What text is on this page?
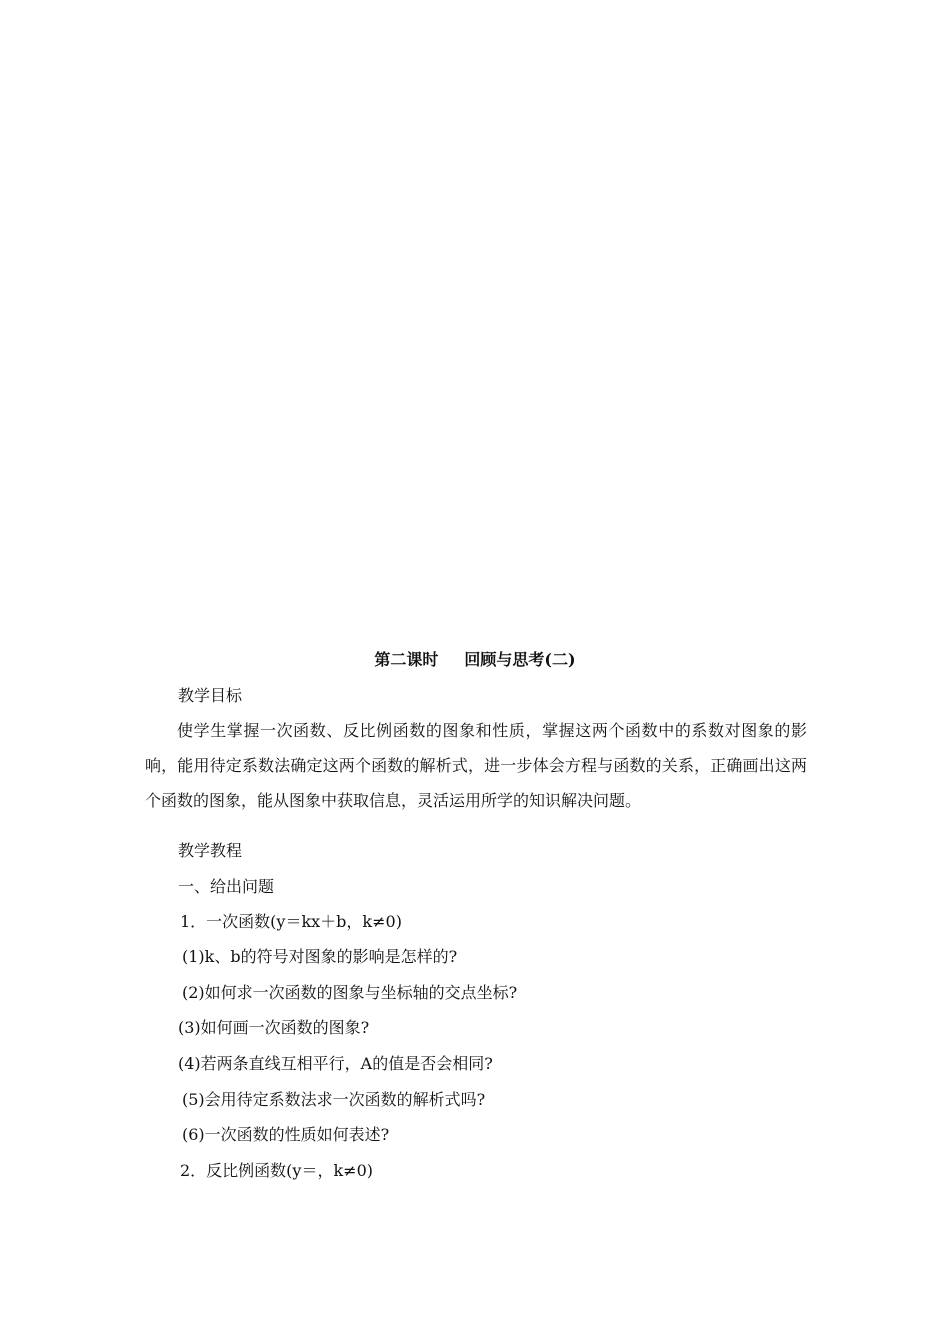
第二课时 回顾与思考(二)
教学目标
使学生掌握一次函数、反比例函数的图象和性质，掌握这两个函数中的系数对图象的影响，能用待定系数法确定这两个函数的解析式，进一步体会方程与函数的关系，正确画出这两个函数的图象，能从图象中获取信息，灵活运用所学的知识解决问题。
教学教程
一、给出问题
1．一次函数(y＝kx＋b，k≠0)
(1)k、b的符号对图象的影响是怎样的?
(2)如何求一次函数的图象与坐标轴的交点坐标?
(3)如何画一次函数的图象?
(4)若两条直线互相平行，A的值是否会相同?
(5)会用待定系数法求一次函数的解析式吗?
(6)一次函数的性质如何表述?
2．反比例函数(y＝，k≠0)
